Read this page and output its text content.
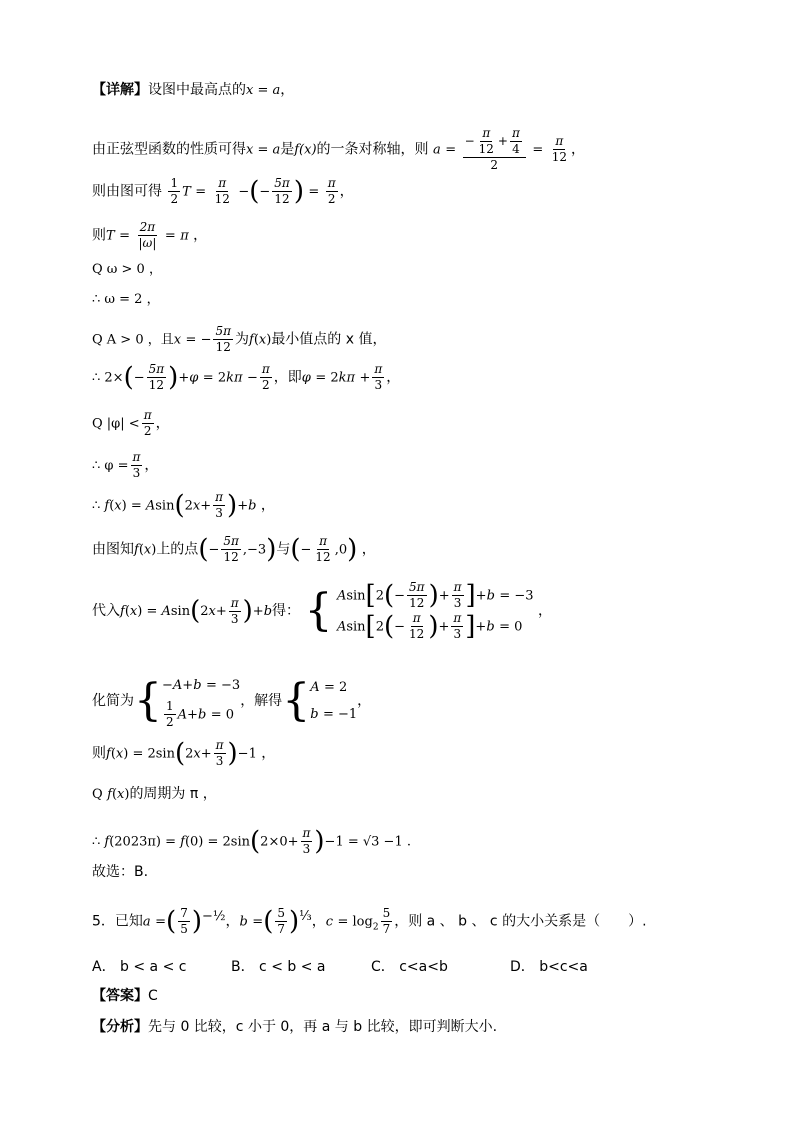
【详解】设图中最高点的x = a，
由正弦型函数的性质可得x = a是f(x)的一条对称轴，则 $a = \frac{- \frac{\pi}{12} + \frac{\pi}{4}}{2} = \frac{\pi}{12}$ ，
则由图可得 $\frac{1}{2}$ $T = \frac{\pi}{12}$ −(− $\frac{5\pi}{12}$ ) = $\frac{\pi}{2}$ ，
则$T = \frac{2\pi}{|\omega|} = \pi$ ，
Q ω > 0 ，
∴ ω = 2 ，
Q A > 0 ，且x = − $\frac{5\pi}{12}$ 为f(x)最小值点的 x 值，
∴ $2\times(- \frac{5\pi}{12} )+\varphi = 2k\pi - \frac{\pi}{2}$ ，即$\varphi = 2k\pi + \frac{\pi}{3}$ ，
Q $|\varphi| < \frac{\pi}{2}$ ，
∴ $\varphi = \frac{\pi}{3}$ ，
∴ $f(x) = Asin(2x+ \frac{\pi}{3} )+b$ ，
由图知f(x)上的点(− $\frac{5\pi}{12} ,-3$)与(− $\frac{\pi}{12} ,0$) ，
代入$f(x) = Asin(2x+ \frac{\pi}{3} )+b$得： { $Asin[2(- \frac{5\pi}{12}$ )+ $\frac{\pi}{3} ]+b = -3$
$Asin[2(- \frac{\pi}{12}$ )+ $\frac{\pi}{3} ]+b = 0$
，
化简为{ −A+b = −3
$\frac{1}{2} A+b = 0$
，解得{ A = 2
b = −1
，
则$f(x) = 2\sin(2x+ \frac{\pi}{3} )-1$ ，
Q f(x)的周期为 π ，
∴ $f(2023\pi) = f(0) = 2\sin(2\times 0+ \frac{\pi}{3} )-1 = √3 -1$ .
故选：B.
5．已知a =( $\frac{7}{5} )^{-\frac{1}{2}}$，b =( $\frac{5}{7} )^{\frac{1}{3}}$，$c = \log_2 \frac{5}{7}$ ，则 a 、 b 、 c 的大小关系是（　　）.
A． b < a < c	B． c < b < a	C． c<a<b	D． b<c<a
【答案】C
【分析】先与 0 比较，c 小于 0，再 a 与 b 比较，即可判断大小.
